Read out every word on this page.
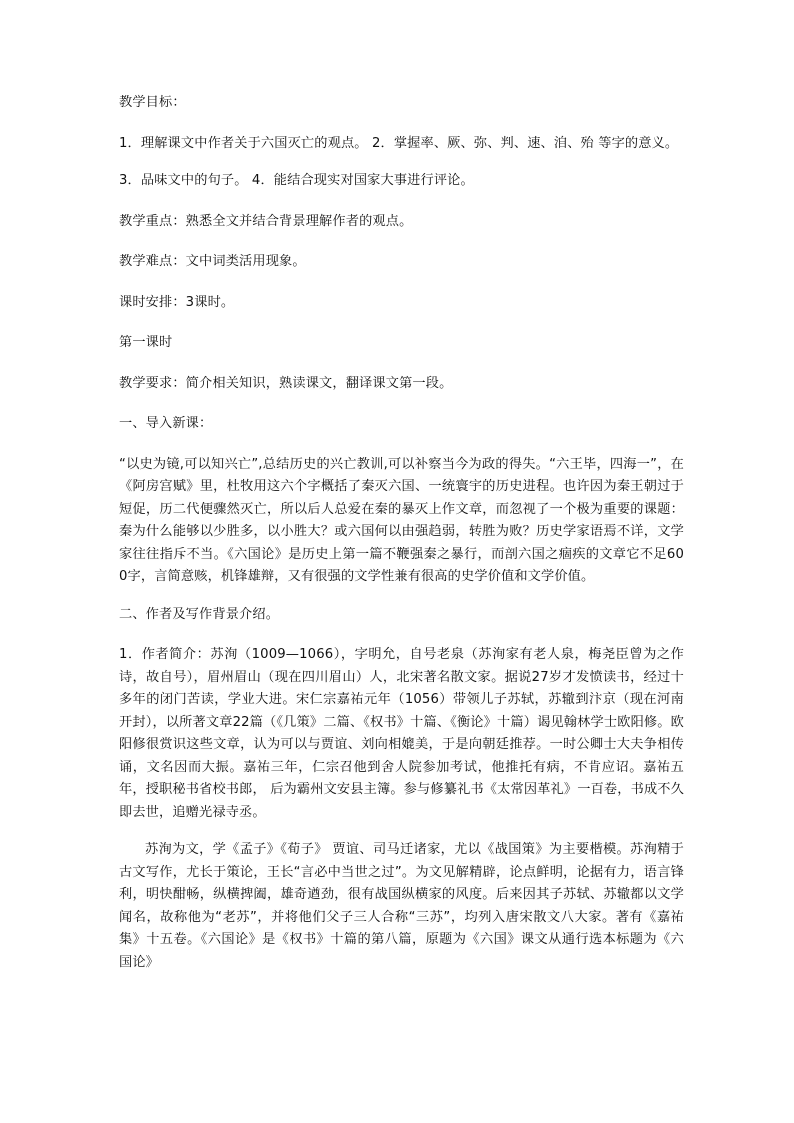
教学目标：

1．理解课文中作者关于六国灭亡的观点。 2．掌握率、厥、弥、判、速、洎、殆 等字的意义。

3．品味文中的句子。 4．能结合现实对国家大事进行评论。

教学重点：熟悉全文并结合背景理解作者的观点。

教学难点：文中词类活用现象。

课时安排：3课时。

第一课时

教学要求：简介相关知识，熟读课文，翻译课文第一段。

一、导入新课：

“以史为镜,可以知兴亡”,总结历史的兴亡教训,可以补察当今为政的得失。“六王毕，四海一”，在《阿房宫赋》里，杜牧用这六个字概括了秦灭六国、一统寰宇的历史进程。也许因为秦王朝过于短促，历二代便骤然灭亡，所以后人总爱在秦的暴灭上作文章，而忽视了一个极为重要的课题：秦为什么能够以少胜多，以小胜大？或六国何以由强趋弱，转胜为败？历史学家语焉不详，文学家往往指斥不当。《六国论》是历史上第一篇不鞭强秦之暴行，而剖六国之痼疾的文章它不足600字，言简意赅，机锋雄辩，又有很强的文学性兼有很高的史学价值和文学价值。

二、作者及写作背景介绍。

1．作者简介：苏洵（1009—1066），字明允，自号老泉（苏洵家有老人泉，梅尧臣曾为之作诗，故自号），眉州眉山（现在四川眉山）人，北宋著名散文家。据说27岁才发愤读书，经过十多年的闭门苦读，学业大进。宋仁宗嘉祐元年（1056）带领儿子苏轼，苏辙到汴京（现在河南开封），以所著文章22篇（《几策》二篇、《权书》十篇、《衡论》十篇）谒见翰林学士欧阳修。欧阳修很赏识这些文章，认为可以与贾谊、刘向相媲美，于是向朝廷推荐。一时公卿士大夫争相传诵，文名因而大振。嘉祐三年，仁宗召他到舍人院参加考试，他推托有病，不肯应诏。嘉祐五年，授职秘书省校书郎， 后为霸州文安县主簿。参与修纂礼书《太常因革礼》一百卷，书成不久即去世，追赠光禄寺丞。

苏洵为文，学《孟子》《荀子》 贾谊、司马迁诸家，尤以《战国策》为主要楷模。苏洵精于古文写作，尤长于策论，王长“言必中当世之过”。为文见解精辟，论点鲜明，论据有力，语言锋利，明快酣畅，纵横捭阖，雄奇遒劲，很有战国纵横家的风度。后来因其子苏轼、苏辙都以文学闻名，故称他为“老苏”，并将他们父子三人合称“三苏”，均列入唐宋散文八大家。著有《嘉祐集》十五卷。《六国论》是《权书》十篇的第八篇，原题为《六国》课文从通行选本标题为《六国论》
